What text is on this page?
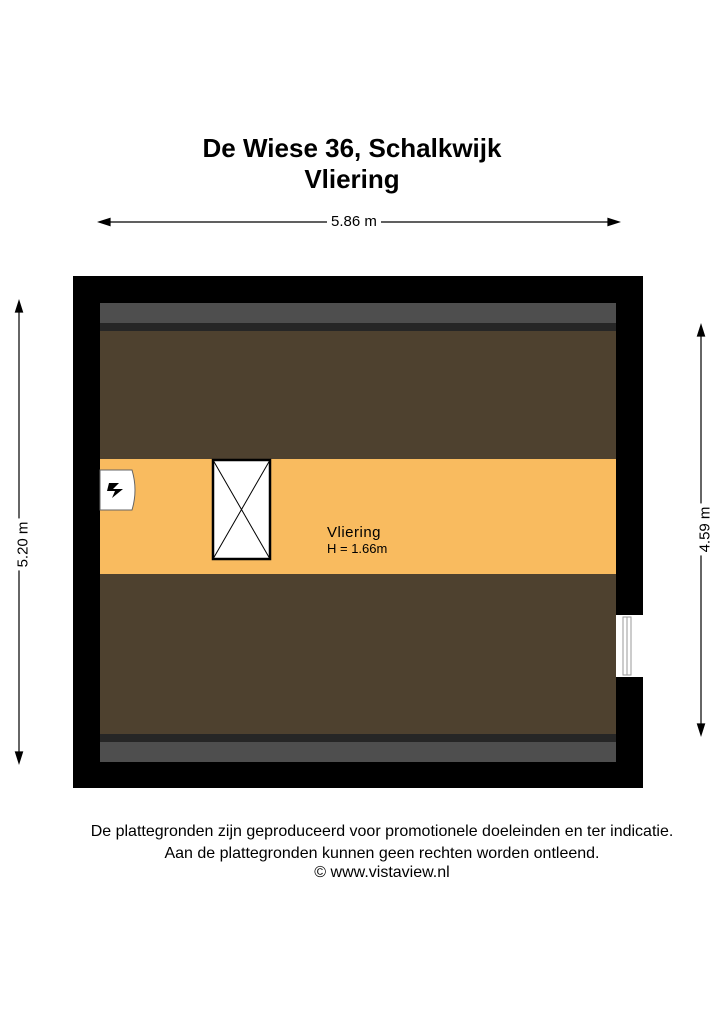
De Wiese 36, Schalkwijk
Vliering
5.86 m
5.20 m	4.59 m
Vliering
H = 1.66m
De plattegronden zijn geproduceerd voor promotionele doeleinden en ter indicatie.
Aan de plattegronden kunnen geen rechten worden ontleend.
© www.vistaview.nl
